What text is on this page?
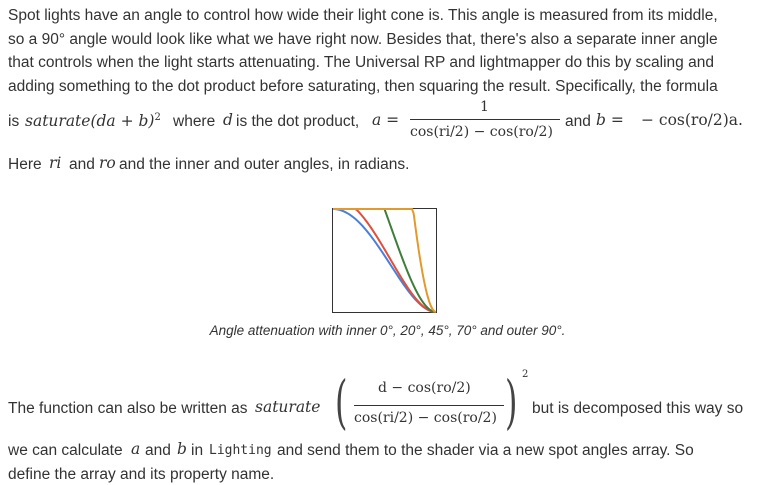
Spot lights have an angle to control how wide their light cone is. This angle is measured from its middle,
so a 90° angle would look like what we have right now. Besides that, there's also a separate inner angle
that controls when the light starts attenuating. The Universal RP and lightmapper do this by scaling and
adding something to the dot product before saturating, then squaring the result. Specifically, the formula

is saturate(da + b)$^2$ where d is the dot product, a =
1
cos(ri/2) − cos(ro/2)
and b = − cos(ro/2)a.
Here ri and ro and the inner and outer angles, in radians.
Angle attenuation with inner 0°, 20°, 45°, 70° and outer 90°.
The function can also be written as saturate ( d − cos(ro/2)
cos(ri/2) − cos(ro/2) ) 2
but is decomposed this way so
we can calculate a and b in Lighting and send them to the shader via a new spot angles array. So
define the array and its property name.
